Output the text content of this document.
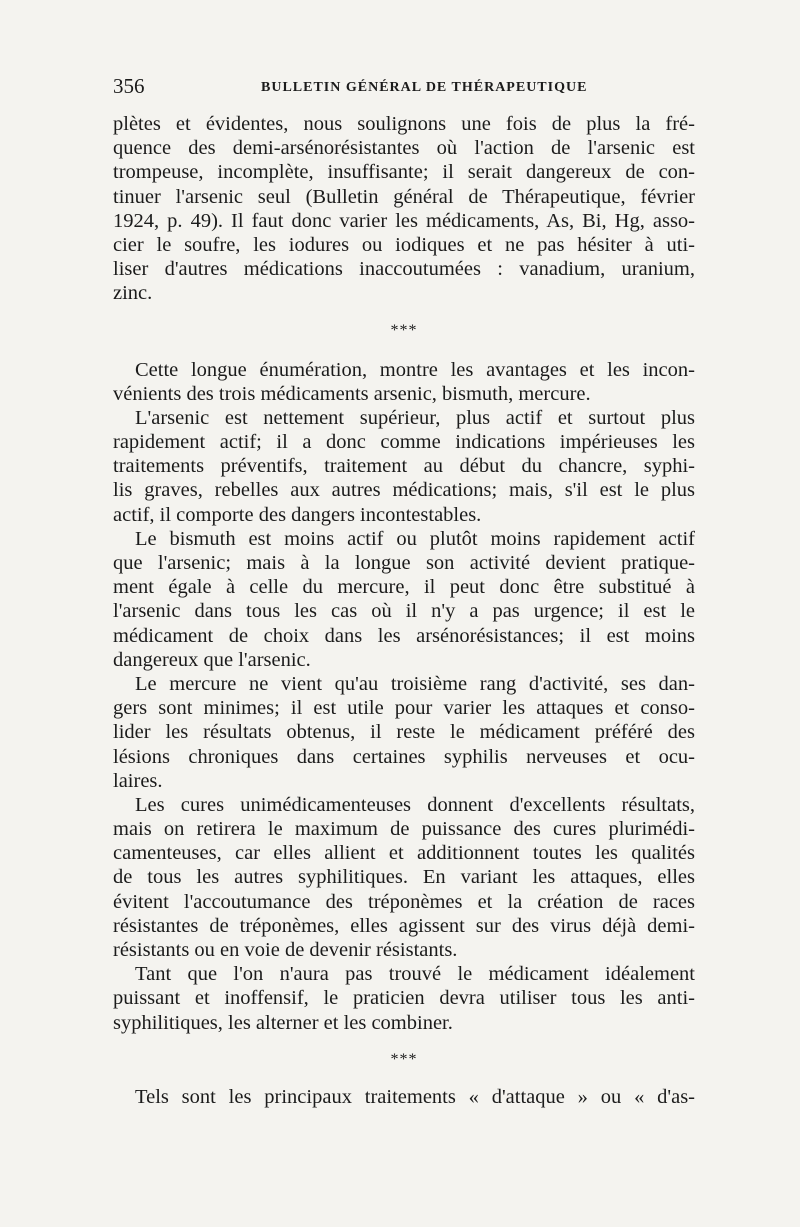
356	BULLETIN GÉNÉRAL DE THÉRAPEUTIQUE
plètes et évidentes, nous soulignons une fois de plus la fré-
quence des demi-arsénorésistantes où l'action de l'arsenic est
trompeuse, incomplète, insuffisante; il serait dangereux de con-
tinuer l'arsenic seul (Bulletin général de Thérapeutique, février
1924, p. 49). Il faut donc varier les médicaments, As, Bi, Hg, asso-
cier le soufre, les iodures ou iodiques et ne pas hésiter à uti-
liser d'autres médications inaccoutumées : vanadium, uranium,
zinc.
***
Cette longue énumération, montre les avantages et les incon-
vénients des trois médicaments arsenic, bismuth, mercure.
L'arsenic est nettement supérieur, plus actif et surtout plus
rapidement actif; il a donc comme indications impérieuses les
traitements préventifs, traitement au début du chancre, syphi-
lis graves, rebelles aux autres médications; mais, s'il est le plus
actif, il comporte des dangers incontestables.
Le bismuth est moins actif ou plutôt moins rapidement actif
que l'arsenic; mais à la longue son activité devient pratique-
ment égale à celle du mercure, il peut donc être substitué à
l'arsenic dans tous les cas où il n'y a pas urgence; il est le
médicament de choix dans les arsénorésistances; il est moins
dangereux que l'arsenic.
Le mercure ne vient qu'au troisième rang d'activité, ses dan-
gers sont minimes; il est utile pour varier les attaques et conso-
lider les résultats obtenus, il reste le médicament préféré des
lésions chroniques dans certaines syphilis nerveuses et ocu-
laires.
Les cures unimédicamenteuses donnent d'excellents résultats,
mais on retirera le maximum de puissance des cures plurimédi-
camenteuses, car elles allient et additionnent toutes les qualités
de tous les autres syphilitiques. En variant les attaques, elles
évitent l'accoutumance des tréponèmes et la création de races
résistantes de tréponèmes, elles agissent sur des virus déjà demi-
résistants ou en voie de devenir résistants.
Tant que l'on n'aura pas trouvé le médicament idéalement
puissant et inoffensif, le praticien devra utiliser tous les anti-
syphilitiques, les alterner et les combiner.
***
Tels sont les principaux traitements « d'attaque » ou « d'as-
